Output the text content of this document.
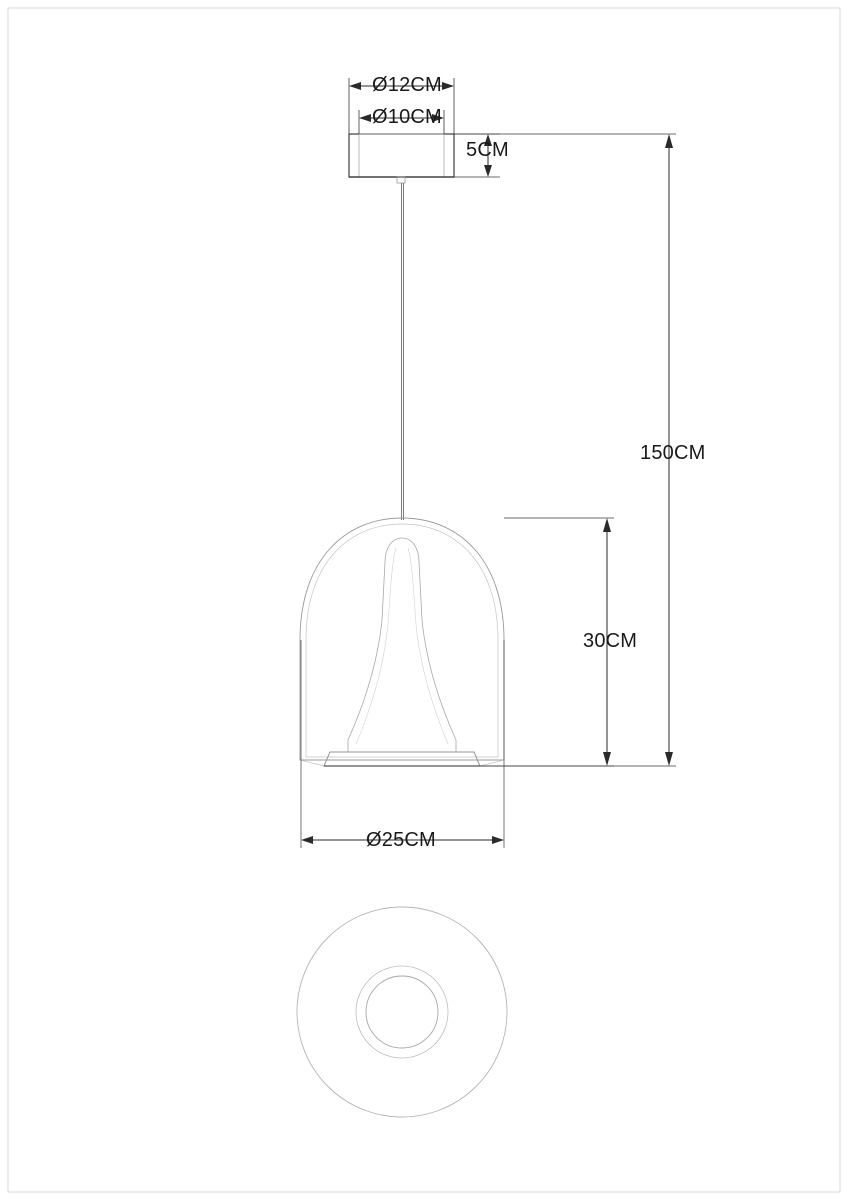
Ø12CM
Ø10CM
5CM
150CM
30CM
Ø25CM
